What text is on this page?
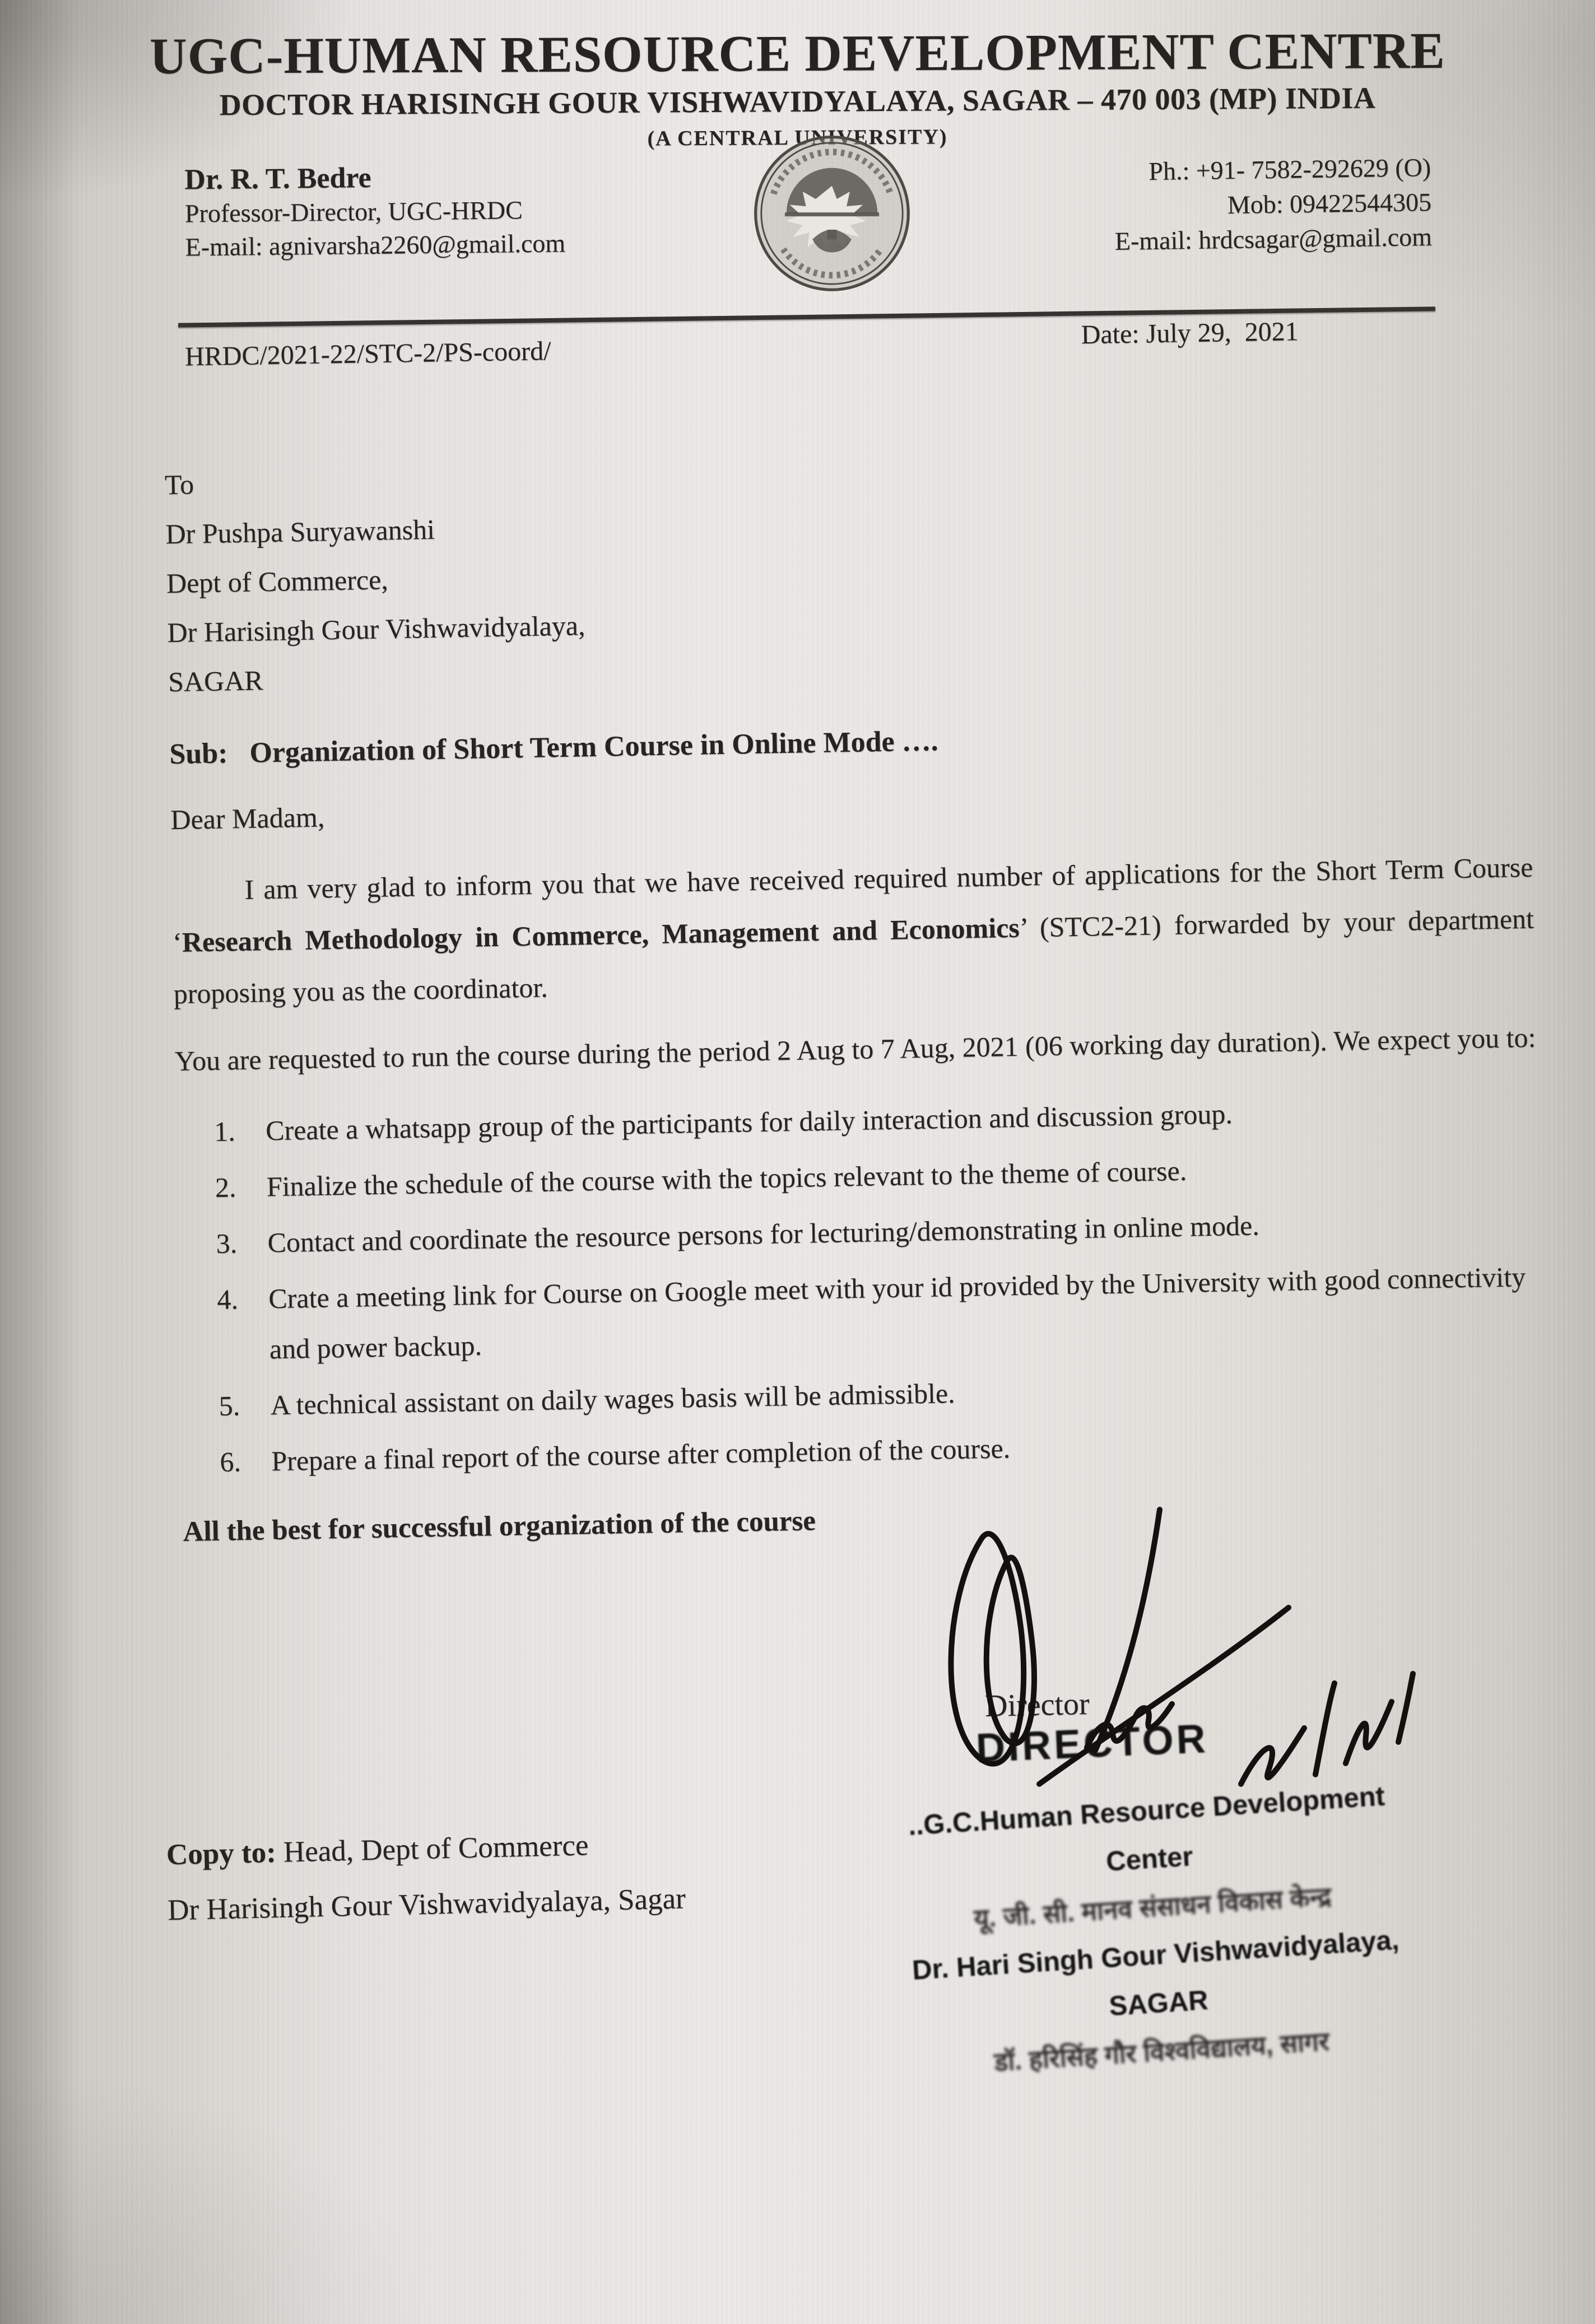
UGC-HUMAN RESOURCE DEVELOPMENT CENTRE
DOCTOR HARISINGH GOUR VISHWAVIDYALAYA, SAGAR – 470 003 (MP) INDIA
(A CENTRAL UNIVERSITY)
Dr. R. T. Bedre
Professor-Director, UGC-HRDC
E-mail: agnivarsha2260@gmail.com
Ph.: +91- 7582-292629 (O)
Mob: 09422544305
E-mail: hrdcsagar@gmail.com
HRDC/2021-22/STC-2/PS-coord/
Date: July 29,  2021
To
Dr Pushpa Suryawanshi
Dept of Commerce,
Dr Harisingh Gour Vishwavidyalaya,
SAGAR
Sub: Organization of Short Term Course in Online Mode ….
Dear Madam,
I am very glad to inform you that we have received required number of applications for the Short Term Course ‘Research Methodology in Commerce, Management and Economics’ (STC2-21) forwarded by your department proposing you as the coordinator.
You are requested to run the course during the period 2 Aug to 7 Aug, 2021 (06 working day duration). We expect you to:
1. Create a whatsapp group of the participants for daily interaction and discussion group.
2. Finalize the schedule of the course with the topics relevant to the theme of course.
3. Contact and coordinate the resource persons for lecturing/demonstrating in online mode.
4. Crate a meeting link for Course on Google meet with your id provided by the University with good connectivity and power backup.
5. A technical assistant on daily wages basis will be admissible.
6. Prepare a final report of the course after completion of the course.
All the best for successful organization of the course
Director
DIRECTOR
..G.C.Human Resource Development Center
यू. जी. सी. मानव संसाधन विकास केन्द्र
Dr. Hari Singh Gour Vishwavidyalaya, SAGAR
डॉ. हरिसिंह गौर विश्वविद्यालय, सागर
Copy to: Head, Dept of Commerce
Dr Harisingh Gour Vishwavidyalaya, Sagar
